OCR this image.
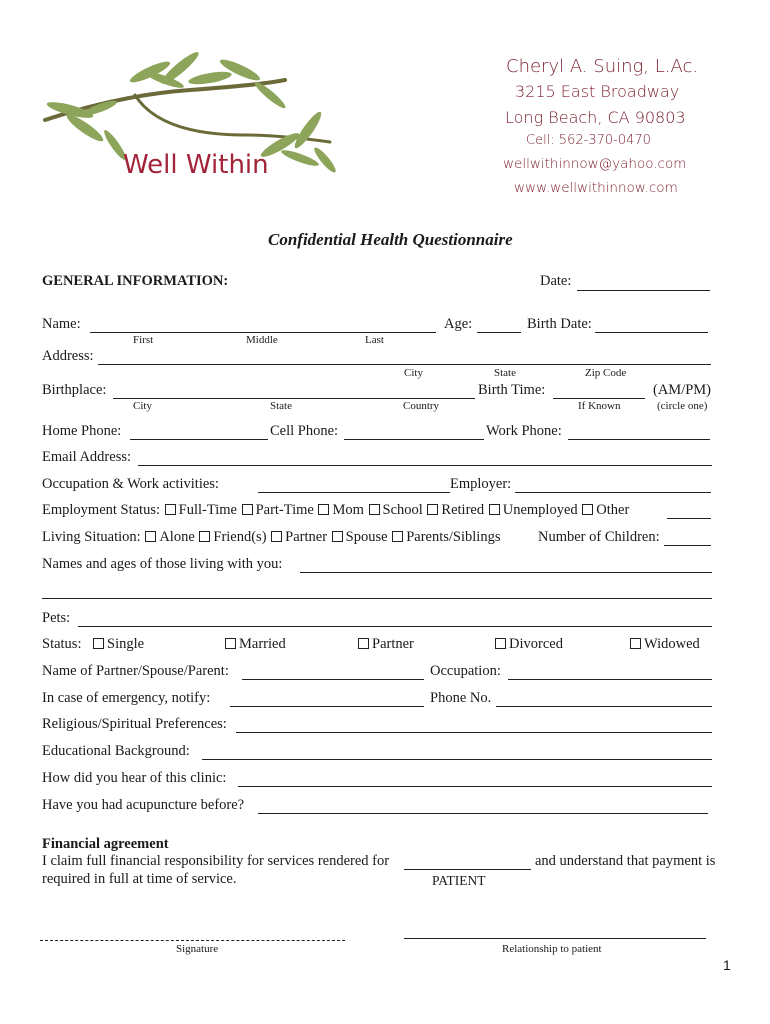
Well Within
Cheryl A. Suing, L.Ac.
3215 East Broadway
Long Beach, CA 90803
Cell: 562-370-0470
wellwithinnow@yahoo.com
www.wellwithinnow.com
Confidential Health Questionnaire
GENERAL INFORMATION:	Date:
Name:	Age:	Birth Date:
First	Middle	Last
Address:
City	State	Zip Code
Birthplace:	Birth Time:	(AM/PM)
City	State	Country	If Known	(circle one)
Home Phone:	Cell Phone:	Work Phone:
Email Address:
Occupation & Work activities:	Employer:
Employment Status: Full-Time Part-Time Mom School Retired Unemployed Other
Living Situation: Alone Friend(s) Partner Spouse Parents/Siblings	Number of Children:
Names and ages of those living with you:
Pets:
Status:	Single	Married	Partner	Divorced	Widowed
Name of Partner/Spouse/Parent:	Occupation:
In case of emergency, notify:	Phone No.
Religious/Spiritual Preferences:
Educational Background:
How did you hear of this clinic:
Have you had acupuncture before?
Financial agreement
I claim full financial responsibility for services rendered for	and understand that payment is
required in full at time of service.	PATIENT
Signature	Relationship to patient
1
